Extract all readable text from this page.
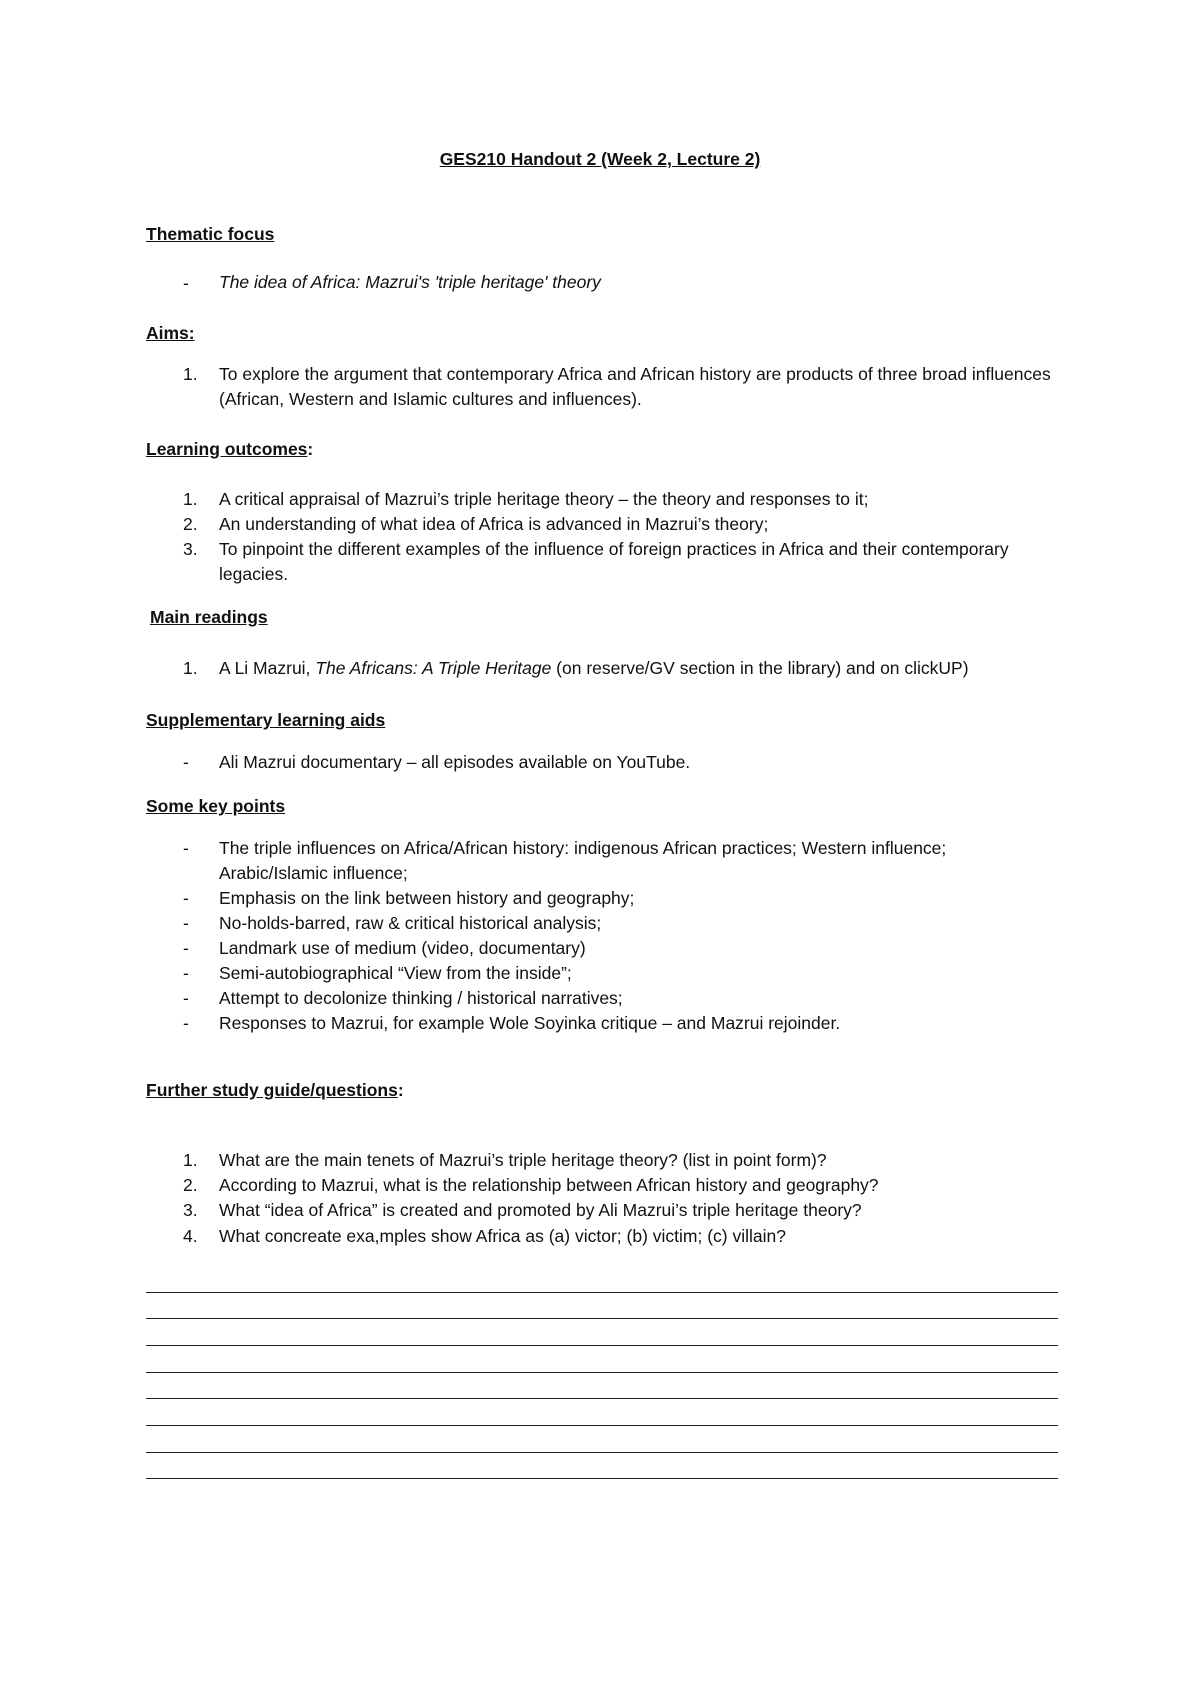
GES210 Handout 2 (Week 2, Lecture 2)
Thematic focus
- The idea of Africa: Mazrui's 'triple heritage' theory
Aims:
1. To explore the argument that contemporary Africa and African history are products of three broad influences (African, Western and Islamic cultures and influences).
Learning outcomes:
1. A critical appraisal of Mazrui’s triple heritage theory – the theory and responses to it;
2. An understanding of what idea of Africa is advanced in Mazrui’s theory;
3. To pinpoint the different examples of the influence of foreign practices in Africa and their contemporary legacies.
Main readings
1. A Li Mazrui, The Africans: A Triple Heritage (on reserve/GV section in the library) and on clickUP)
Supplementary learning aids
- Ali Mazrui documentary – all episodes available on YouTube.
Some key points
- The triple influences on Africa/African history: indigenous African practices; Western influence; Arabic/Islamic influence;
- Emphasis on the link between history and geography;
- No-holds-barred, raw & critical historical analysis;
- Landmark use of medium (video, documentary)
- Semi-autobiographical “View from the inside”;
- Attempt to decolonize thinking / historical narratives;
- Responses to Mazrui, for example Wole Soyinka critique – and Mazrui rejoinder.
Further study guide/questions:
1. What are the main tenets of Mazrui’s triple heritage theory? (list in point form)?
2. According to Mazrui, what is the relationship between African history and geography?
3. What “idea of Africa” is created and promoted by Ali Mazrui’s triple heritage theory?
4. What concreate exa,mples show Africa as (a) victor; (b) victim; (c) villain?
